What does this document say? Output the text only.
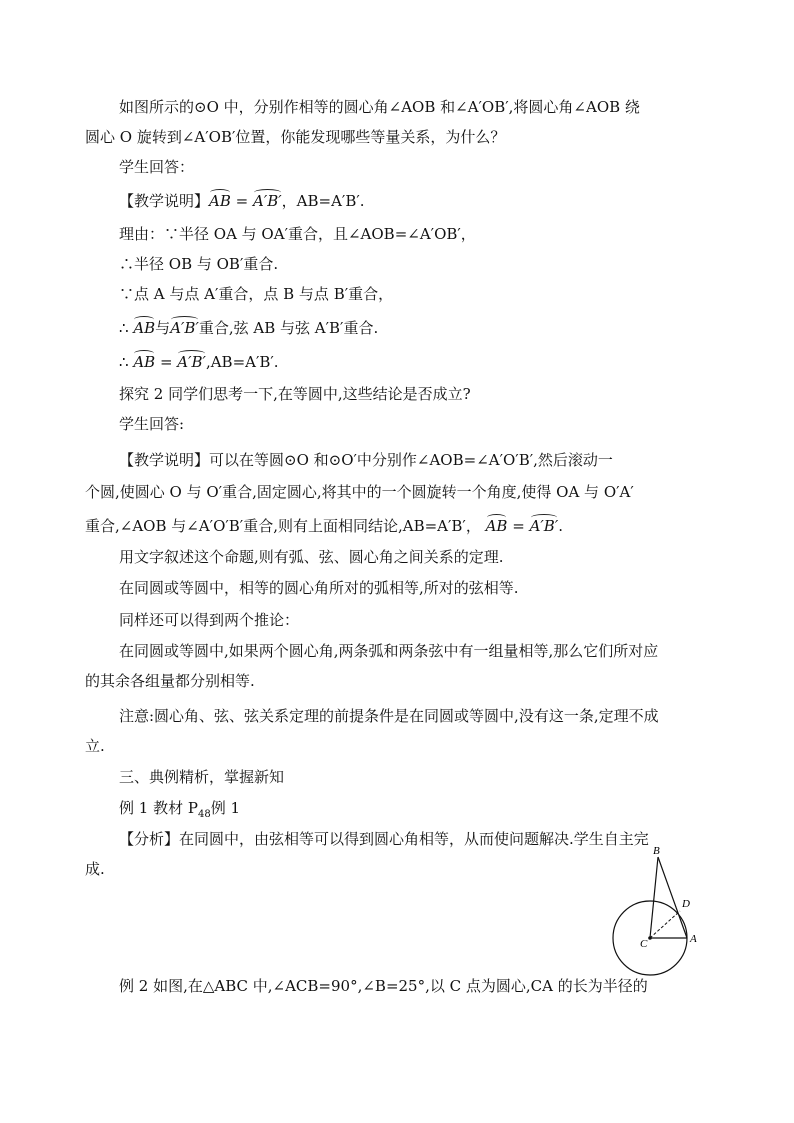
如图所示的⊙O 中，分别作相等的圆心角∠AOB 和∠A′OB′,将圆心角∠AOB 绕
圆心 O 旋转到∠A′OB′位置，你能发现哪些等量关系，为什么？
学生回答：
【教学说明】AB = A′B′，AB=A′B′.
理由：∵半径 OA 与 OA′重合，且∠AOB=∠A′OB′，
∴半径 OB 与 OB′重合.
∵点 A 与点 A′重合，点 B 与点 B′重合，
∴ AB与A′B′重合,弦 AB 与弦 A′B′重合.
∴ AB = A′B′,AB=A′B′.
探究 2 同学们思考一下,在等圆中,这些结论是否成立?
学生回答:
【教学说明】可以在等圆⊙O 和⊙O′中分别作∠AOB=∠A′O′B′,然后滚动一
个圆,使圆心 O 与 O′重合,固定圆心,将其中的一个圆旋转一个角度,使得 OA 与 O′A′
重合,∠AOB 与∠A′O′B′重合,则有上面相同结论,AB=A′B′， AB = A′B′.
用文字叙述这个命题,则有弧、弦、圆心角之间关系的定理.
在同圆或等圆中，相等的圆心角所对的弧相等,所对的弦相等.
同样还可以得到两个推论：
在同圆或等圆中,如果两个圆心角,两条弧和两条弦中有一组量相等,那么它们所对应
的其余各组量都分别相等.
注意:圆心角、弦、弦关系定理的前提条件是在同圆或等圆中,没有这一条,定理不成
立.
三、典例精析，掌握新知
例 1 教材 $P_{48}$例 1
【分析】在同圆中，由弦相等可以得到圆心角相等，从而使问题解决.学生自主完
成.
例 2 如图,在△ABC 中,∠ACB=90°,∠B=25°,以 C 点为圆心,CA 的长为半径的
B
D
C	A
